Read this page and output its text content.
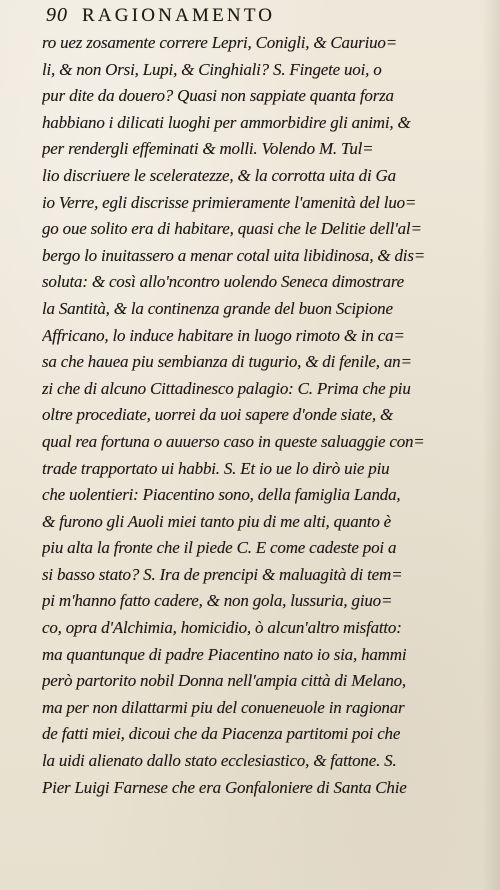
90 RAGIONAMENTO
ro uez zosamente correre Lepri, Conigli, & Cauriuo=
li, & non Orsi, Lupi, & Cinghiali? S. Fingete uoi, o
pur dite da douero? Quasi non sappiate quanta forza
habbiano i dilicati luoghi per ammorbidire gli animi, &
per rendergli effeminati & molli. Volendo M. Tul=
lio discriuere le sceleratezze, & la corrotta uita di Ga
io Verre, egli discrisse primieramente l'amenità del luo=
go oue solito era di habitare, quasi che le Delitie dell'al=
bergo lo inuitassero a menar cotal uita libidinosa, & dis=
soluta: & così allo'ncontro uolendo Seneca dimostrare
la Santità, & la continenza grande del buon Scipione
Affricano, lo induce habitare in luogo rimoto & in ca=
sa che hauea piu sembianza di tugurio, & di fenile, an=
zi che di alcuno Cittadinesco palagio: C. Prima che piu
oltre procediate, uorrei da uoi sapere d'onde siate, &
qual rea fortuna o auuerso caso in queste saluaggie con=
trade trapportato ui habbi. S. Et io ue lo dirò uie piu
che uolentieri: Piacentino sono, della famiglia Landa,
& furono gli Auoli miei tanto piu di me alti, quanto è
piu alta la fronte che il piede C. E come cadeste poi a
si basso stato? S. Ira de prencipi & maluagità di tem=
pi m'hanno fatto cadere, & non gola, lussuria, giuo=
co, opra d'Alchimia, homicidio, ò alcun'altro misfatto:
ma quantunque di padre Piacentino nato io sia, hammi
però partorito nobil Donna nell'ampia città di Melano,
ma per non dilattarmi piu del conueneuole in ragionar
de fatti miei, dicoui che da Piacenza partitomi poi che
la uidi alienato dallo stato ecclesiastico, & fattone. S.
Pier Luigi Farnese che era Gonfaloniere di Santa Chie
